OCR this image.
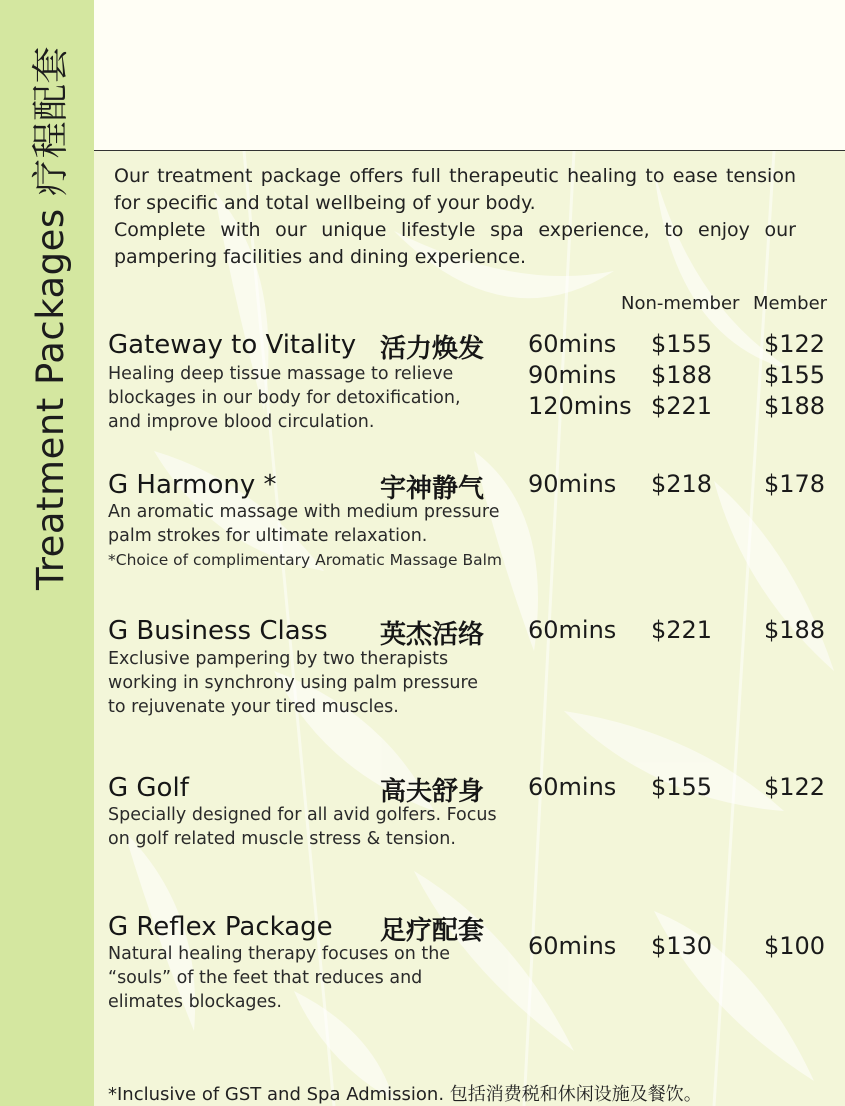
Treatment Packages 疗程配套 Our treatment package offers full therapeutic healing to ease tension for specific and total wellbeing of your body.

Complete with our unique lifestyle spa experience, to enjoy our pampering facilities and dining experience.

Non-member Member
Gateway to Vitality 活力焕发
Healing deep tissue massage to relieve
blockages in our body for detoxification,
and improve blood circulation.
60mins $155 $122
90mins $188 $155
120mins $221 $188
G Harmony *	宇神静气
An aromatic massage with medium pressure
palm strokes for ultimate relaxation.
*Choice of complimentary Aromatic Massage Balm
90mins $218 $178
G Business Class 英杰活络
Exclusive pampering by two therapists
working in synchrony using palm pressure
to rejuvenate your tired muscles.
60mins $221 $188
G Golf	高夫舒身
Specially designed for all avid golfers. Focus
on golf related muscle stress & tension.
60mins $155 $122
G Reflex Package 足疗配套
Natural healing therapy focuses on the
“souls” of the feet that reduces and
elimates blockages.
60mins $130 $100
*Inclusive of GST and Spa Admission. 包括消费税和休闲设施及餐饮。
